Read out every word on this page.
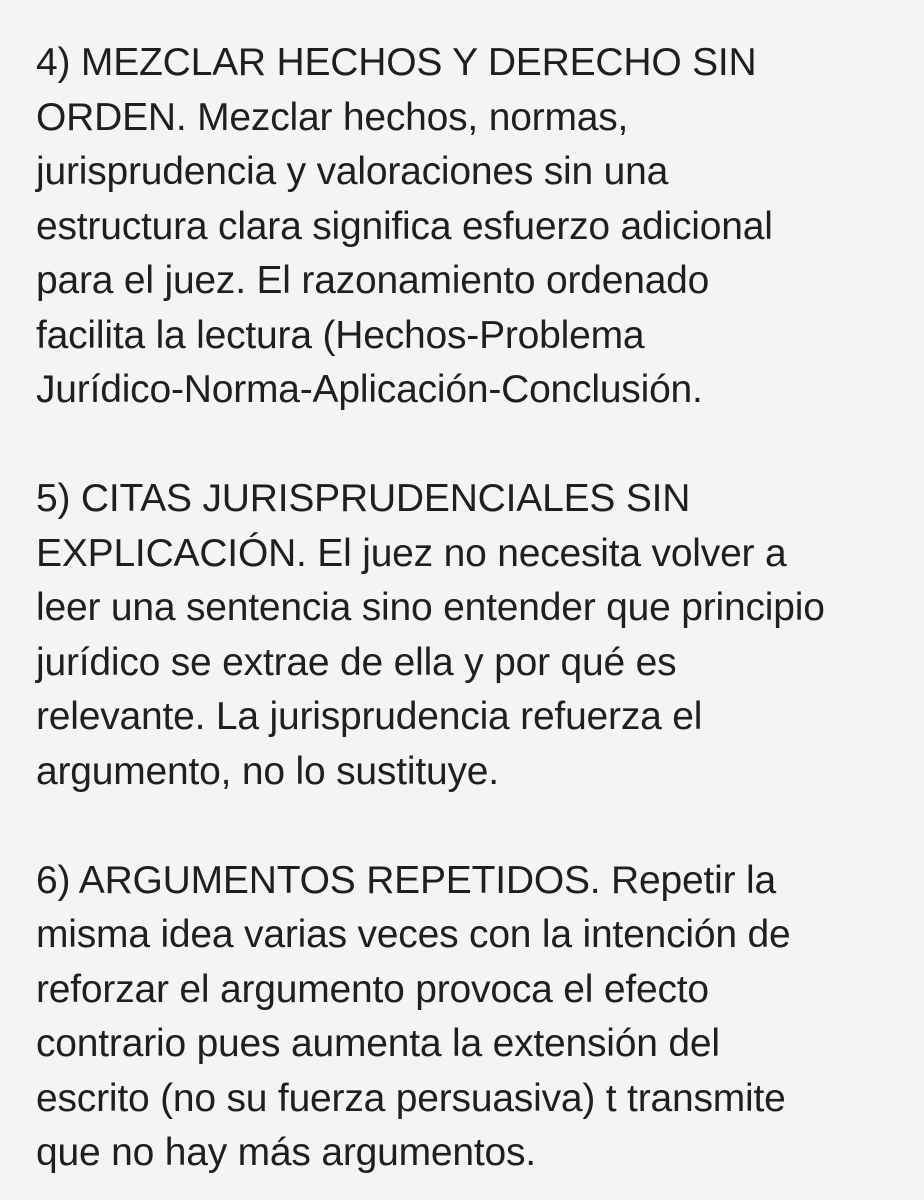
4) MEZCLAR HECHOS Y DERECHO SIN
ORDEN. Mezclar hechos, normas,
jurisprudencia y valoraciones sin una
estructura clara significa esfuerzo adicional
para el juez. El razonamiento ordenado
facilita la lectura (Hechos-Problema
Jurídico-Norma-Aplicación-Conclusión.
5) CITAS JURISPRUDENCIALES SIN
EXPLICACIÓN. El juez no necesita volver a
leer una sentencia sino entender que principio
jurídico se extrae de ella y por qué es
relevante. La jurisprudencia refuerza el
argumento, no lo sustituye.
6) ARGUMENTOS REPETIDOS. Repetir la
misma idea varias veces con la intención de
reforzar el argumento provoca el efecto
contrario pues aumenta la extensión del
escrito (no su fuerza persuasiva) t transmite
que no hay más argumentos.
